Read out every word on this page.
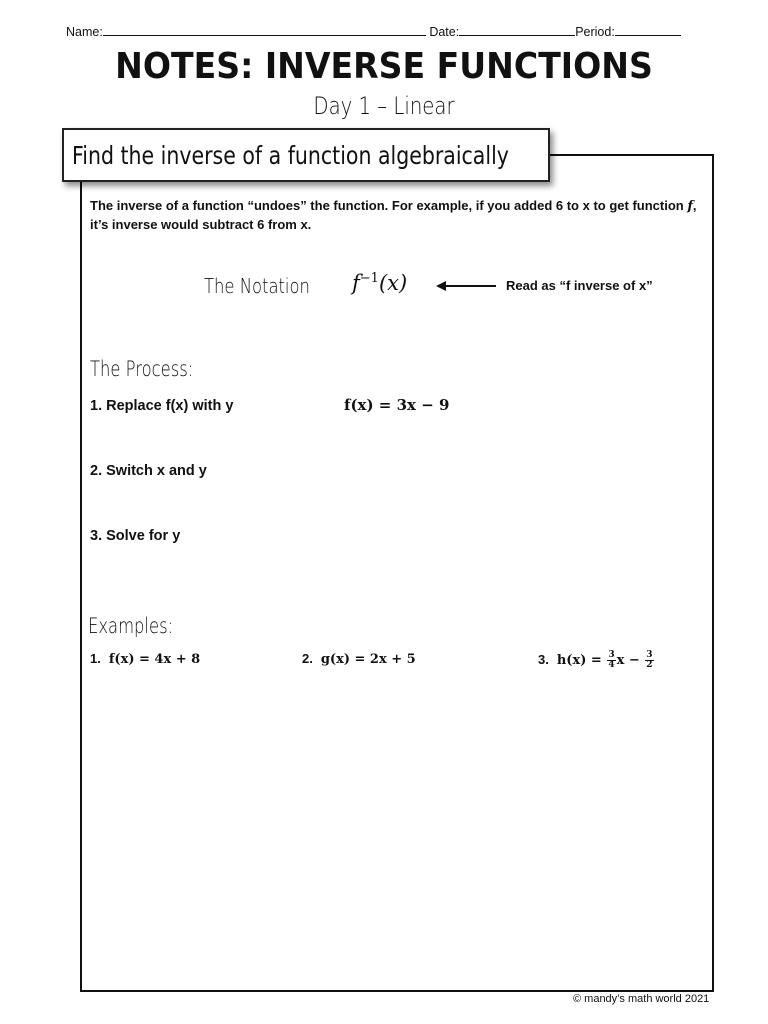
Name:	Date:	Period:
NOTES: INVERSE FUNCTIONS
Day 1 – Linear
Find the inverse of a function algebraically
The inverse of a function “undoes” the function. For example, if you added 6 to x to get function f,
it’s inverse would subtract 6 from x.
The Notation $f^{-1}(x)$	Read as “f inverse of x”
The Process:
1. Replace f(x) with y	f(x) = 3x − 9
2. Switch x and y
3. Solve for y
Examples:
1. f(x) = 4x + 8	2. g(x) = 2x + 5	3. $h(x) = \frac{3}{4}$ $x - \frac{3}{2}$
© mandy’s math world 2021
